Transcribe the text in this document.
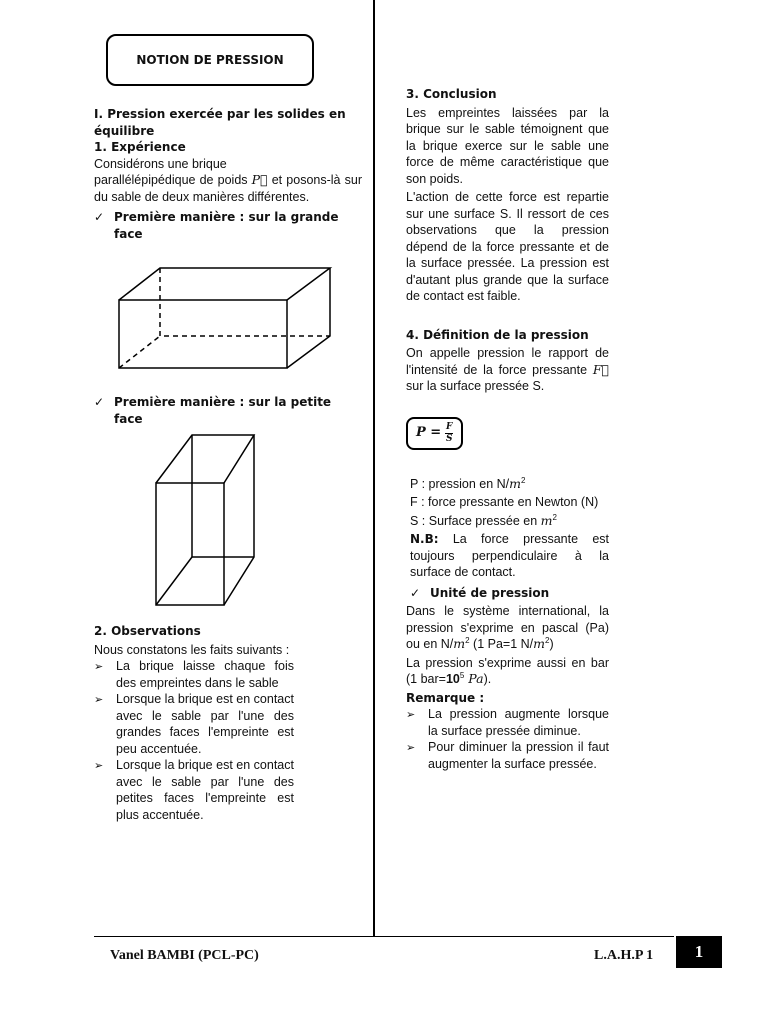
NOTION DE PRESSION
I. Pression exercée par les solides en équilibre
1. Expérience

Considérons une brique

parallélépipédique de poids P⃗ et posons-là sur du sable de deux manières différentes.

✓ Première manière : sur la grande face
✓ Première manière : sur la petite face
2. Observations

Nous constatons les faits suivants :

➢	La brique laisse chaque fois des empreintes dans le sable

➢	Lorsque la brique est en contact avec le sable par l'une des grandes faces l'empreinte est peu accentuée.

➢	Lorsque la brique est en contact avec le sable par l'une des petites faces l'empreinte est plus accentuée.

3. Conclusion

Les empreintes laissées par la brique sur le sable témoignent que la brique exerce sur le sable une force de même caractéristique que son poids.

L'action de cette force est repartie sur une surface S. Il ressort de ces observations que la pression dépend de la force pressante et de la surface pressée. La pression est d'autant plus grande que la surface de contact est faible.

4. Définition de la pression

On appelle pression le rapport de l'intensité de la force pressante F⃗ sur la surface pressée S.

$P = \frac{F}{S}$

P : pression en $N/m^2$

F : force pressante en Newton (N)

S : Surface pressée en $m^2$

N.B: La force pressante est toujours perpendiculaire à la surface de contact.

✓ Unité de pression

Dans le système international, la pression s'exprime en pascal (Pa) ou en $N/m^2$ (1 Pa=1 $N/m^2$)

La pression s'exprime aussi en bar (1 $bar=10^5$ Pa).

Remarque :
➢	La pression augmente lorsque la surface pressée diminue.

➢	Pour diminuer la pression il faut augmenter la surface pressée.

Vanel BAMBI (PCL-PC)	L.A.H.P 1	1
